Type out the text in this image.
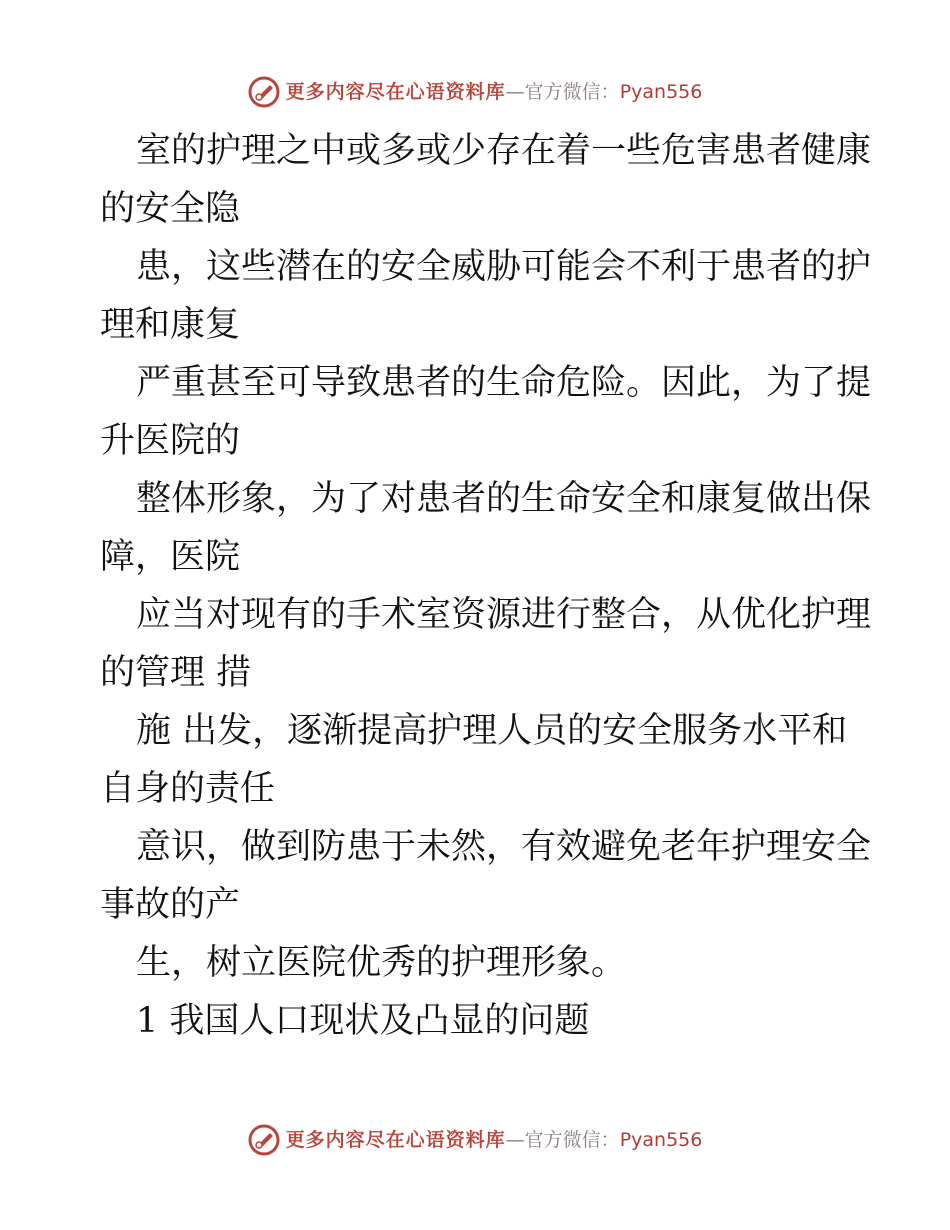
更多内容尽在心语资料库 —官方微信： Pyan556
室的护理之中或多或少存在着一些危害患者健康
的安全隐
患，这些潜在的安全威胁可能会不利于患者的护
理和康复
严重甚至可导致患者的生命危险。因此，为了提
升医院的
整体形象，为了对患者的生命安全和康复做出保
障，医院
应当对现有的手术室资源进行整合，从优化护理
的管理 措
施 出发，逐渐提高护理人员的安全服务水平和
自身的责任
意识，做到防患于未然，有效避免老年护理安全
事故的产
生，树立医院优秀的护理形象。
1 我国人口现状及凸显的问题
更多内容尽在心语资料库 —官方微信： Pyan556
